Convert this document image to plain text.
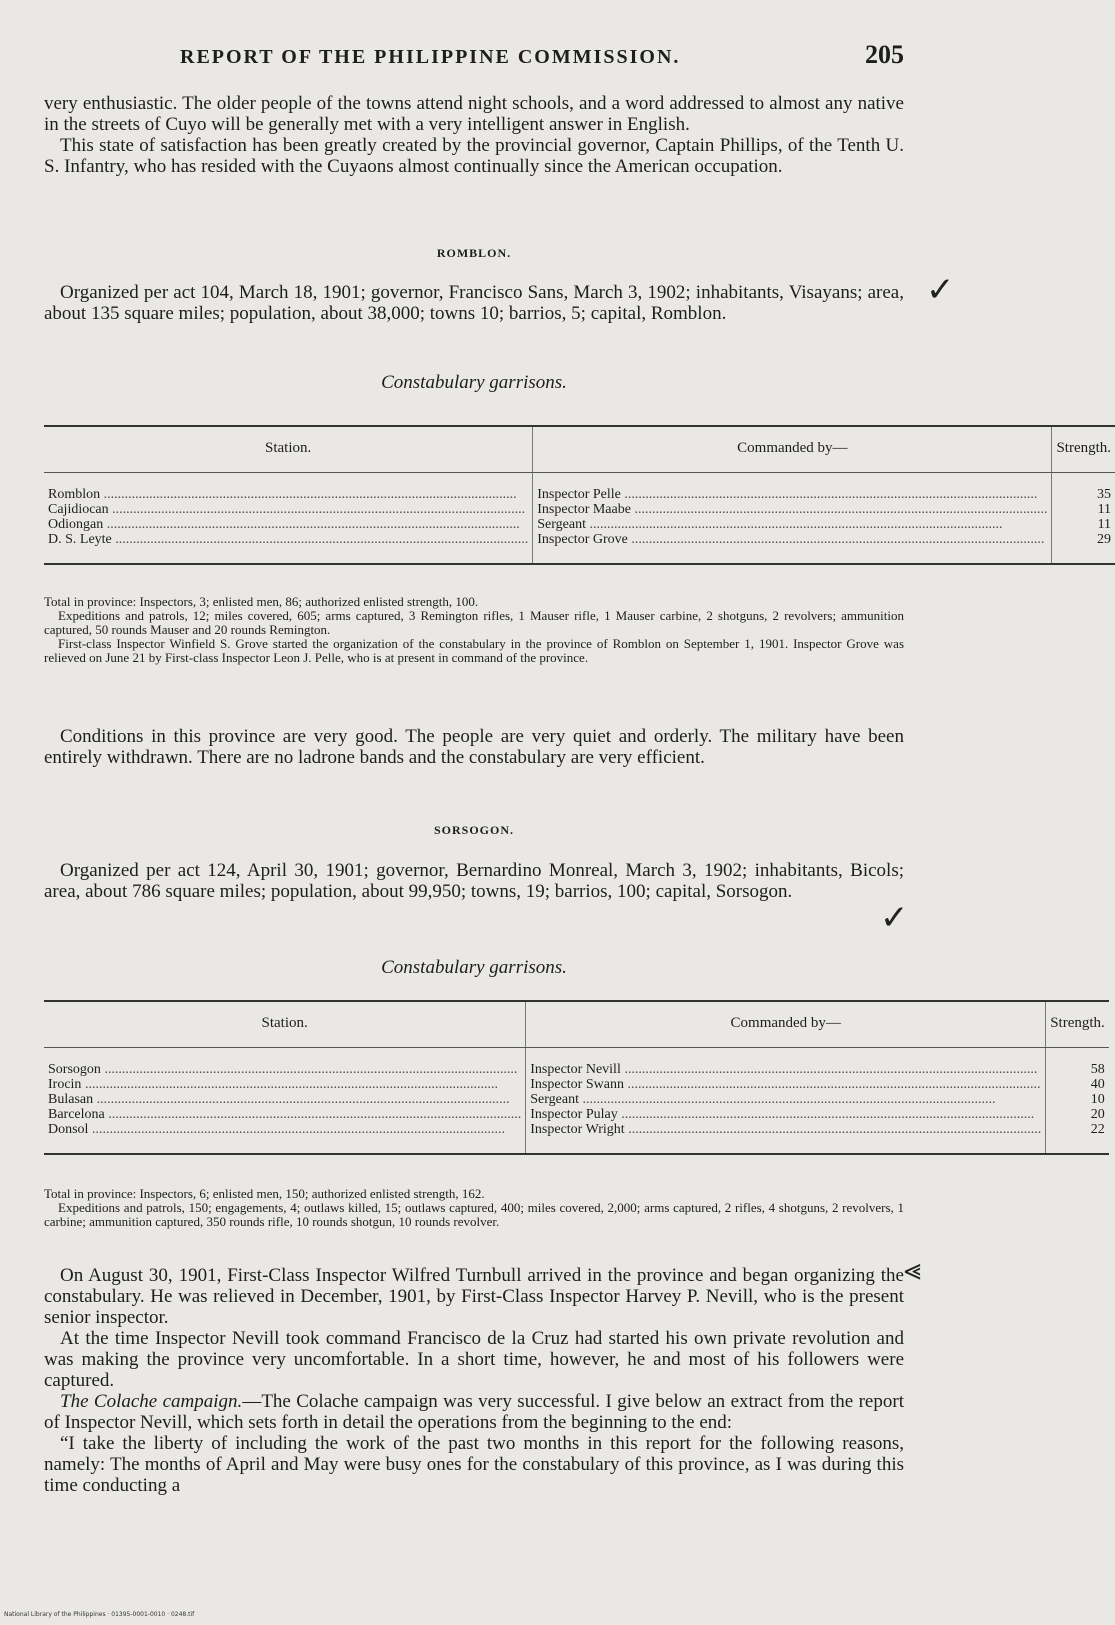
REPORT OF THE PHILIPPINE COMMISSION.	205

very enthusiastic. The older people of the towns attend night schools, and a word addressed to almost any native in the streets of Cuyo will be generally met with a very intelligent answer in English.

This state of satisfaction has been greatly created by the provincial governor, Captain Phillips, of the Tenth U. S. Infantry, who has resided with the Cuyaons almost continually since the American occupation.

ROMBLON.

Organized per act 104, March 18, 1901; governor, Francisco Sans, March 3, 1902; inhabitants, Visayans; area, about 135 square miles; population, about 38,000; towns 10; barrios, 5; capital, Romblon.

✓

Constabulary garrisons.

Station.	Commanded by—	Strength.

Romblon .....	Inspector Pelle .....	35

Cajidiocan .....	Inspector Maabe .....	11

Odiongan .....	Sergeant .....	11

D. S. Leyte .....	Inspector Grove .....	29

Total in province: Inspectors, 3; enlisted men, 86; authorized enlisted strength, 100.

Expeditions and patrols, 12; miles covered, 605; arms captured, 3 Remington rifles, 1 Mauser rifle, 1 Mauser carbine, 2 shotguns, 2 revolvers; ammunition captured, 50 rounds Mauser and 20 rounds Remington.

First-class Inspector Winfield S. Grove started the organization of the constabulary in the province of Romblon on September 1, 1901. Inspector Grove was relieved on June 21 by First-class Inspector Leon J. Pelle, who is at present in command of the province.

Conditions in this province are very good. The people are very quiet and orderly. The military have been entirely withdrawn. There are no ladrone bands and the constabulary are very efficient.

SORSOGON.

Organized per act 124, April 30, 1901; governor, Bernardino Monreal, March 3, 1902; inhabitants, Bicols; area, about 786 square miles; population, about 99,950; towns, 19; barrios, 100; capital, Sorsogon.

✓

Constabulary garrisons.

Station.	Commanded by—	Strength.

Sorsogon .....	Inspector Nevill .....	58

Irocin .....	Inspector Swann .....	40

Bulasan .....	Sergeant .....	10

Barcelona .....	Inspector Pulay .....	20

Donsol .....	Inspector Wright .....	22

Total in province: Inspectors, 6; enlisted men, 150; authorized enlisted strength, 162.

Expeditions and patrols, 150; engagements, 4; outlaws killed, 15; outlaws captured, 400; miles covered, 2,000; arms captured, 2 rifles, 4 shotguns, 2 revolvers, 1 carbine; ammunition captured, 350 rounds rifle, 10 rounds shotgun, 10 rounds revolver.

On August 30, 1901, First-Class Inspector Wilfred Turnbull arrived in the province and began organizing the constabulary. He was relieved in December, 1901, by First-Class Inspector Harvey P. Nevill, who is the present senior inspector.

At the time Inspector Nevill took command Francisco de la Cruz had started his own private revolution and was making the province very uncomfortable. In a short time, however, he and most of his followers were captured.

The Colache campaign.—The Colache campaign was very successful. I give below an extract from the report of Inspector Nevill, which sets forth in detail the operations from the beginning to the end:

“I take the liberty of including the work of the past two months in this report for the following reasons, namely: The months of April and May were busy ones for the constabulary of this province, as I was during this time conducting a

⪡
National Library of the Philippines · 01395-0001-0010 · 0248.tif
